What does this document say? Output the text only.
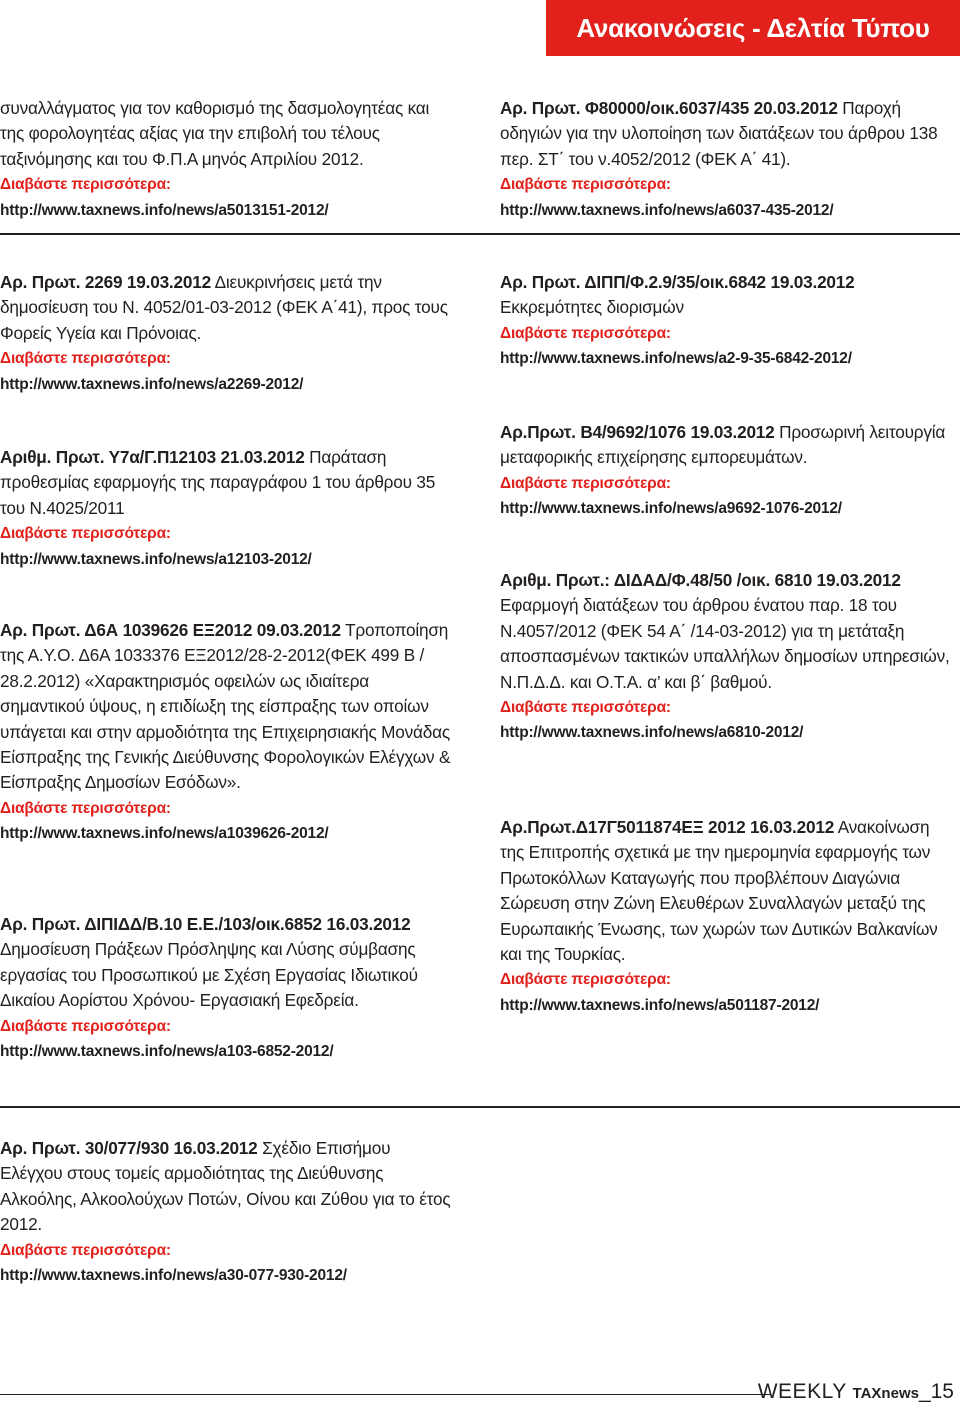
Ανακοινώσεις - Δελτία Τύπου

συναλλάγματος για τον καθορισμό της δασμολογητέας και της φορολογητέας αξίας για την επιβολή του τέλους ταξινόμησης και του Φ.Π.Α μηνός Απριλίου 2012.

Διαβάστε περισσότερα:
http://www.taxnews.info/news/a5013151-2012/

Αρ. Πρωτ. Φ80000/οικ.6037/435 20.03.2012 Παροχή οδηγιών για την υλοποίηση των διατάξεων του άρθρου 138 περ. ΣΤ΄ του ν.4052/2012 (ΦΕΚ Α΄ 41).

Διαβάστε περισσότερα:
http://www.taxnews.info/news/a6037-435-2012/

Αρ. Πρωτ. 2269 19.03.2012 Διευκρινήσεις μετά την δημοσίευση του Ν. 4052/01-03-2012 (ΦΕΚ Α΄41), προς τους Φορείς Υγεία και Πρόνοιας.

Διαβάστε περισσότερα:
http://www.taxnews.info/news/a2269-2012/

Αρ. Πρωτ. ΔΙΠΠ/Φ.2.9/35/οικ.6842 19.03.2012 Εκκρεμότητες διορισμών

Διαβάστε περισσότερα:
http://www.taxnews.info/news/a2-9-35-6842-2012/

Αριθμ. Πρωτ. Υ7α/Γ.Π12103 21.03.2012 Παράταση προθεσμίας εφαρμογής της παραγράφου 1 του άρθρου 35 του Ν.4025/2011

Διαβάστε περισσότερα:
http://www.taxnews.info/news/a12103-2012/

Αρ.Πρωτ. Β4/9692/1076 19.03.2012 Προσωρινή λειτουργία μεταφορικής επιχείρησης εμπορευμάτων.

Διαβάστε περισσότερα:
http://www.taxnews.info/news/a9692-1076-2012/

Αρ. Πρωτ. Δ6Α 1039626 ΕΞ2012 09.03.2012 Τροποποίηση της Α.Υ.Ο. Δ6Α 1033376 ΕΞ2012/28-2-2012(ΦΕΚ 499 Β / 28.2.2012) «Χαρακτηρισμός οφειλών ως ιδιαίτερα σημαντικού ύψους, η επιδίωξη της είσπραξης των οποίων υπάγεται και στην αρμοδιότητα της Επιχειρησιακής Μονάδας Είσπραξης της Γενικής Διεύθυνσης Φορολογικών Ελέγχων & Είσπραξης Δημοσίων Εσόδων».

Διαβάστε περισσότερα:
http://www.taxnews.info/news/a1039626-2012/

Αριθμ. Πρωτ.: ΔΙΔΑΔ/Φ.48/50 /οικ. 6810 19.03.2012 Εφαρμογή διατάξεων του άρθρου ένατου παρ. 18 του Ν.4057/2012 (ΦΕΚ 54 Α΄ /14-03-2012) για τη μετάταξη αποσπασμένων τακτικών υπαλλήλων δημοσίων υπηρεσιών, Ν.Π.Δ.Δ. και Ο.Τ.Α. α’ και β΄ βαθμού.

Διαβάστε περισσότερα:
http://www.taxnews.info/news/a6810-2012/

Αρ. Πρωτ. ΔΙΠΙΔΔ/Β.10 Ε.Ε./103/οικ.6852 16.03.2012 Δημοσίευση Πράξεων Πρόσληψης και Λύσης σύμβασης εργασίας του Προσωπικού με Σχέση Εργασίας Ιδιωτικού Δικαίου Αορίστου Χρόνου- Εργασιακή Εφεδρεία.

Διαβάστε περισσότερα:
http://www.taxnews.info/news/a103-6852-2012/

Αρ.Πρωτ.Δ17Γ5011874ΕΞ 2012 16.03.2012 Ανακοίνωση της Επιτροπής σχετικά με την ημερομηνία εφαρμογής των Πρωτοκόλλων Καταγωγής που προβλέπουν Διαγώνια Σώρευση στην Ζώνη Ελευθέρων Συναλλαγών μεταξύ της Ευρωπαικής Ένωσης, των χωρών των Δυτικών Βαλκανίων και της Τουρκίας.

Διαβάστε περισσότερα:
http://www.taxnews.info/news/a501187-2012/

Αρ. Πρωτ. 30/077/930 16.03.2012 Σχέδιο Επισήμου Ελέγχου στους τομείς αρμοδιότητας της Διεύθυνσης Αλκοόλης, Αλκοολούχων Ποτών, Οίνου και Ζύθου για το έτος 2012.

Διαβάστε περισσότερα:
http://www.taxnews.info/news/a30-077-930-2012/
WEEKLY TAXnews_15
